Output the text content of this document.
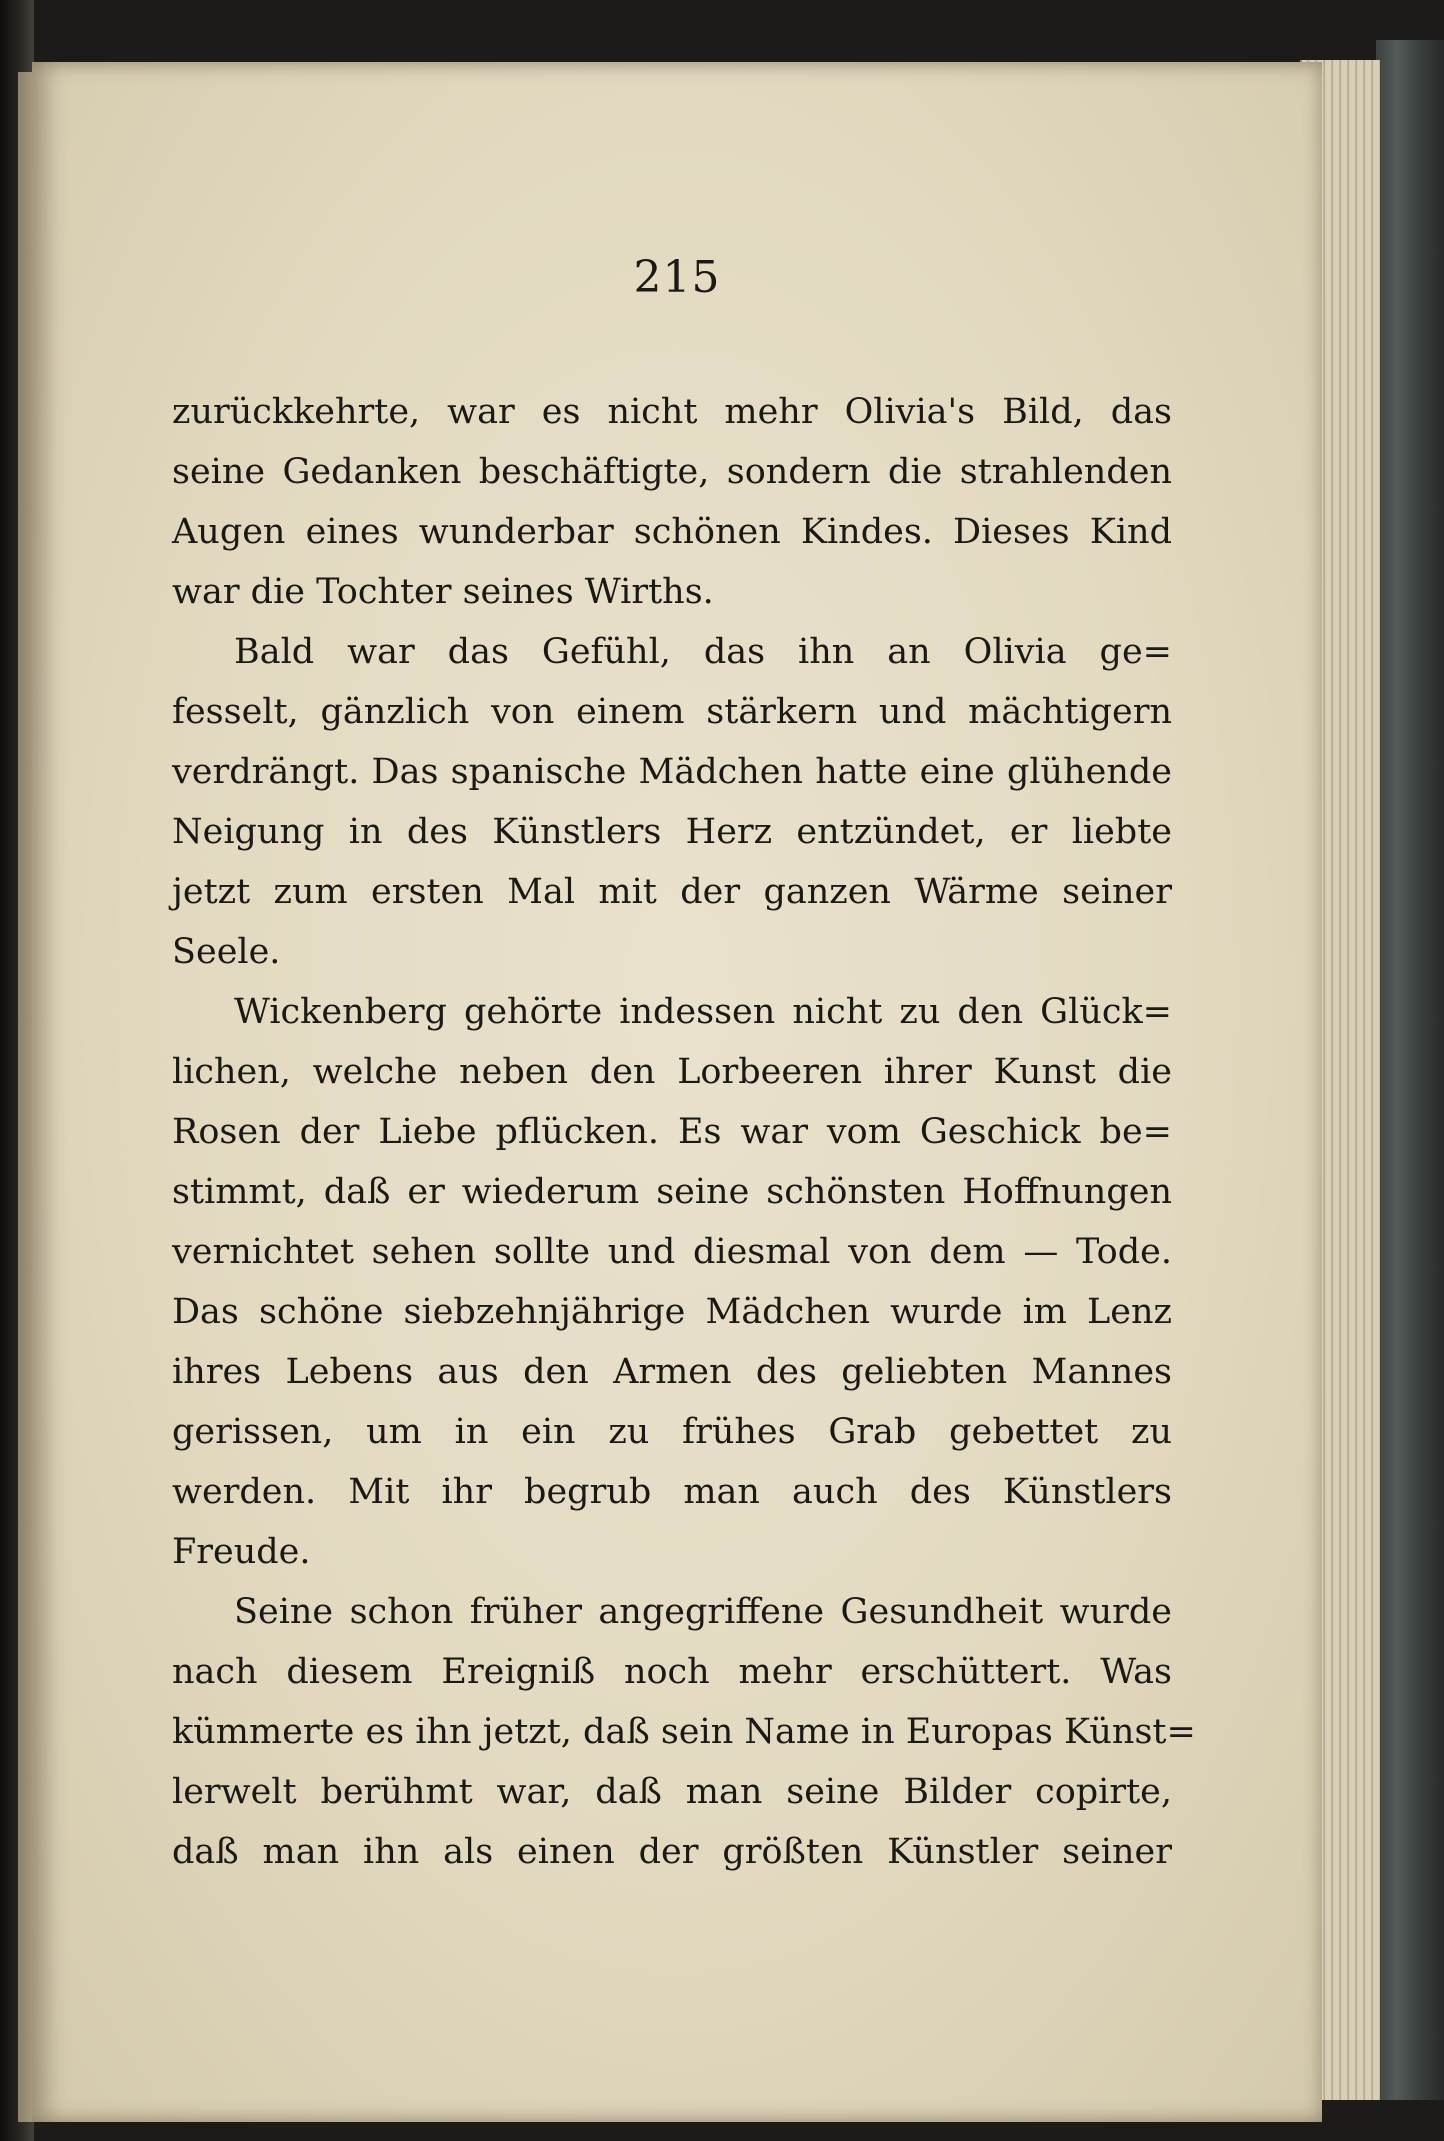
215
zurückkehrte, war es nicht mehr Olivia's Bild, das
seine Gedanken beschäftigte, sondern die strahlenden
Augen eines wunderbar schönen Kindes. Dieses Kind
war die Tochter seines Wirths.
Bald war das Gefühl, das ihn an Olivia ge=
fesselt, gänzlich von einem stärkern und mächtigern
verdrängt. Das spanische Mädchen hatte eine glühende
Neigung in des Künstlers Herz entzündet, er liebte
jetzt zum ersten Mal mit der ganzen Wärme seiner
Seele.
Wickenberg gehörte indessen nicht zu den Glück=
lichen, welche neben den Lorbeeren ihrer Kunst die
Rosen der Liebe pflücken. Es war vom Geschick be=
stimmt, daß er wiederum seine schönsten Hoffnungen
vernichtet sehen sollte und diesmal von dem — Tode.
Das schöne siebzehnjährige Mädchen wurde im Lenz
ihres Lebens aus den Armen des geliebten Mannes
gerissen, um in ein zu frühes Grab gebettet zu
werden. Mit ihr begrub man auch des Künstlers
Freude.
Seine schon früher angegriffene Gesundheit wurde
nach diesem Ereigniß noch mehr erschüttert. Was
kümmerte es ihn jetzt, daß sein Name in Europas Künst=
lerwelt berühmt war, daß man seine Bilder copirte,
daß man ihn als einen der größten Künstler seiner
